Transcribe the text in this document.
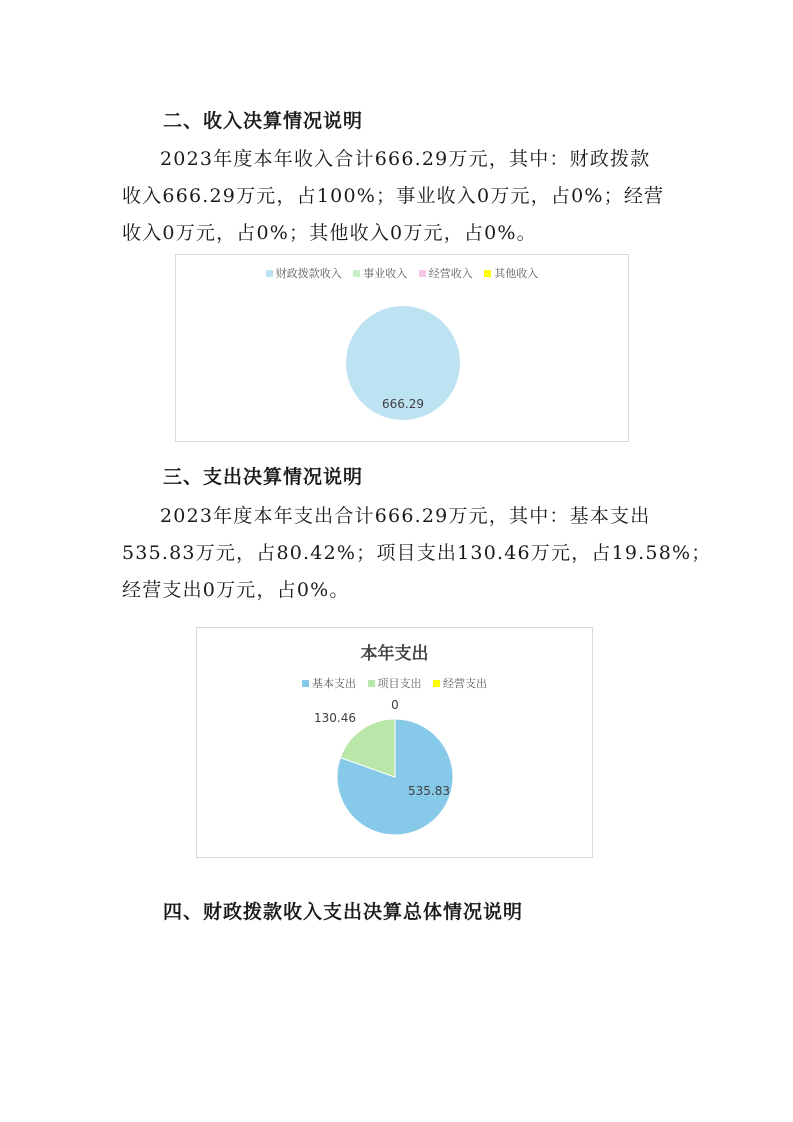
二、收入决算情况说明
2023年度本年收入合计666.29万元，其中：财政拨款
收入666.29万元，占100%；事业收入0万元，占0%；经营
收入0万元，占0%；其他收入0万元，占0%。
财政拨款收入 事业收入 经营收入 其他收入
666.29
三、支出决算情况说明
2023年度本年支出合计666.29万元，其中：基本支出
535.83万元，占80.42%；项目支出130.46万元，占19.58%；
经营支出0万元，占0%。
本年支出
基本支出 项目支出 经营支出
130.46
0
535.83
四、财政拨款收入支出决算总体情况说明
